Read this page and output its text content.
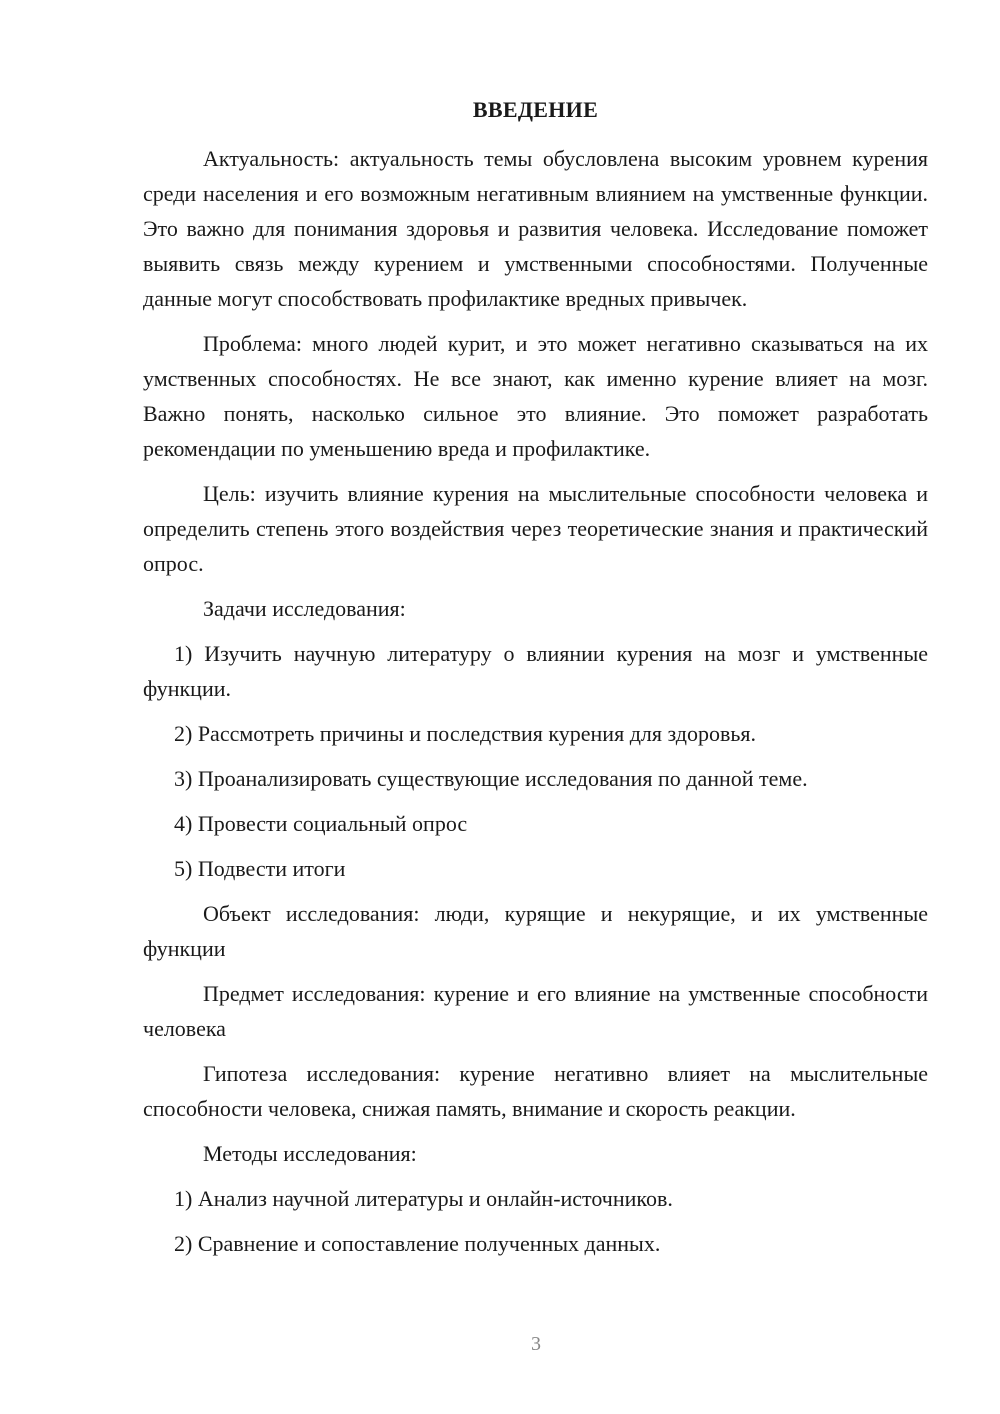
ВВЕДЕНИЕ

Актуальность: актуальность темы обусловлена высоким уровнем курения среди населения и его возможным негативным влиянием на умственные функции. Это важно для понимания здоровья и развития человека. Исследование поможет выявить связь между курением и умственными способностями. Полученные данные могут способствовать профилактике вредных привычек.

Проблема: много людей курит, и это может негативно сказываться на их умственных способностях. Не все знают, как именно курение влияет на мозг. Важно понять, насколько сильное это влияние. Это поможет разработать рекомендации по уменьшению вреда и профилактике.

Цель: изучить влияние курения на мыслительные способности человека и определить степень этого воздействия через теоретические знания и практический опрос.

Задачи исследования:

1) Изучить научную литературу о влиянии курения на мозг и умственные функции.

2) Рассмотреть причины и последствия курения для здоровья.

3) Проанализировать существующие исследования по данной теме.

4) Провести социальный опрос

5) Подвести итоги

Объект исследования: люди, курящие и некурящие, и их умственные функции

Предмет исследования: курение и его влияние на умственные способности человека

Гипотеза исследования: курение негативно влияет на мыслительные способности человека, снижая память, внимание и скорость реакции.

Методы исследования:

1) Анализ научной литературы и онлайн-источников.

2) Сравнение и сопоставление полученных данных.

3
